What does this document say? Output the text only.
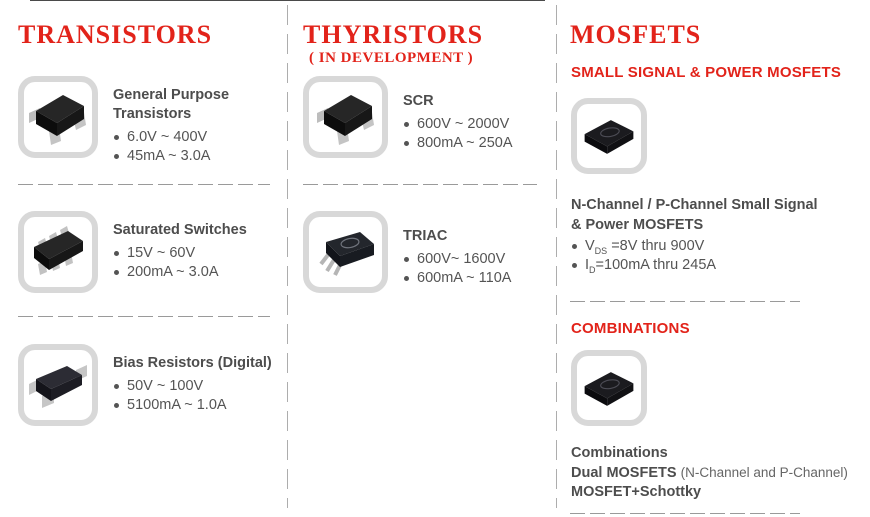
TRANSISTORS
General Purpose Transistors
6.0V ~ 400V
45mA ~ 3.0A
Saturated Switches
15V ~ 60V
200mA ~ 3.0A
Bias Resistors (Digital)
50V ~ 100V
5100mA ~ 1.0A
THYRISTORS
( IN DEVELOPMENT )
SCR
600V ~ 2000V
800mA ~ 250A
TRIAC
600V~ 1600V
600mA ~ 110A
MOSFETS
SMALL SIGNAL & POWER MOSFETS
N-Channel / P-Channel Small Signal & Power MOSFETS
$V_{DS} =8V$ thru 900V
$I_D=100mA$ thru 245A
COMBINATIONS
Combinations
Dual MOSFETS (N-Channel and P-Channel)
MOSFET+Schottky
